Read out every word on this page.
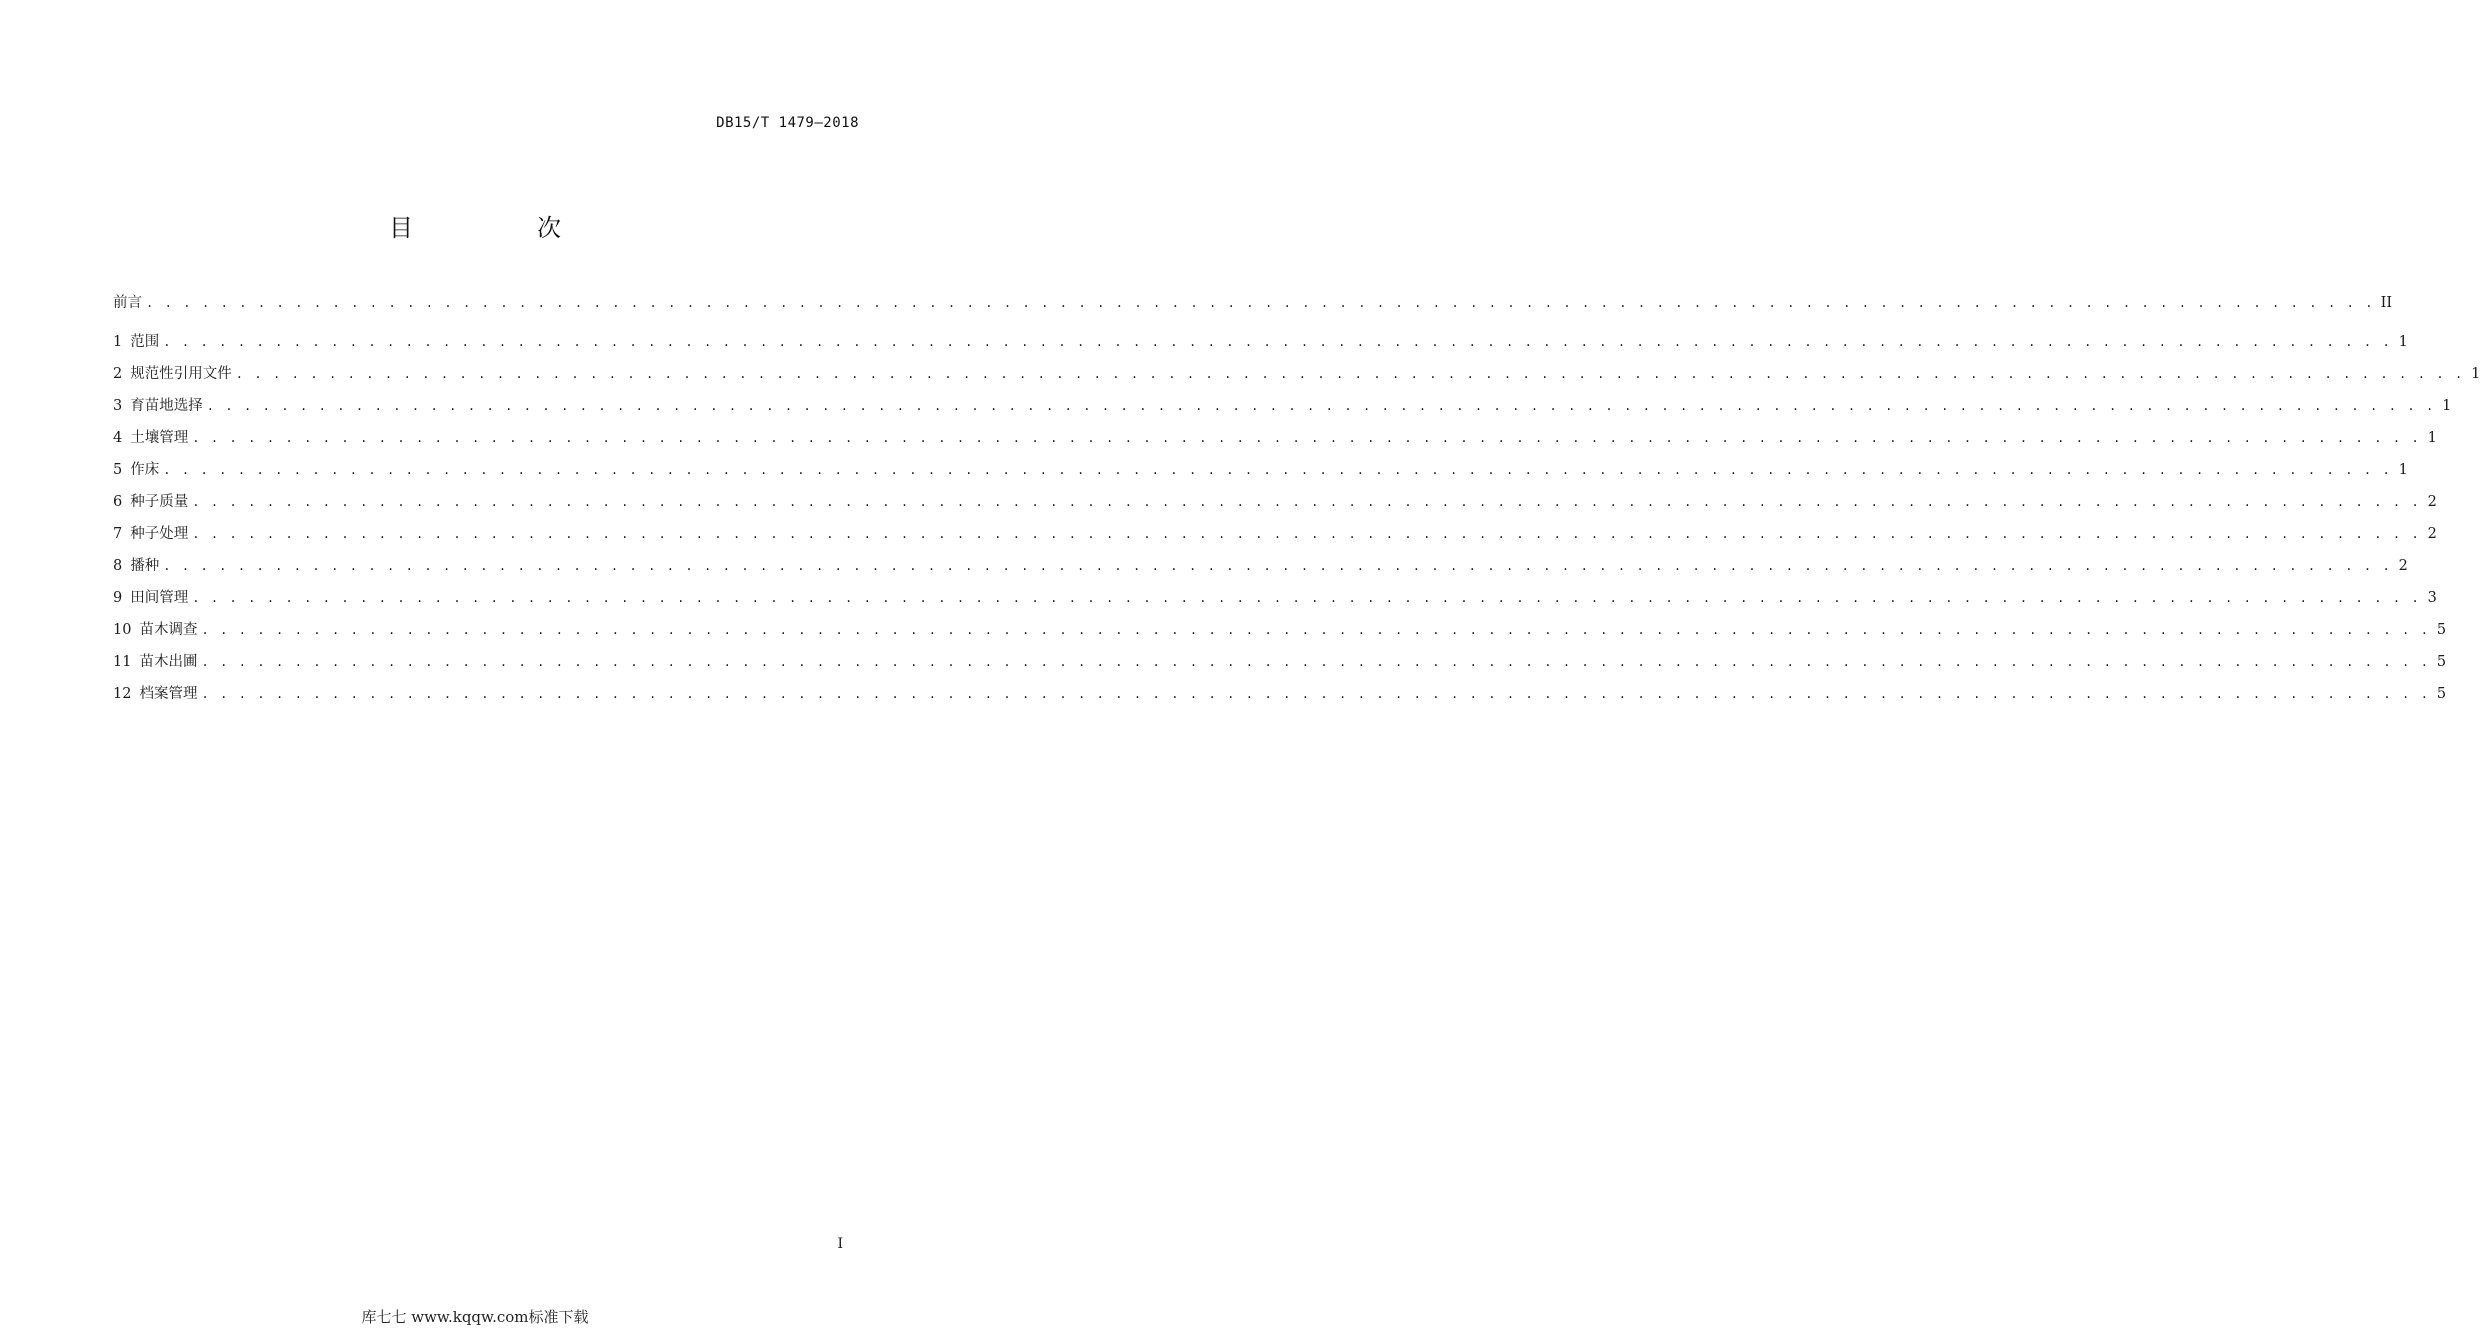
DB15/T 1479—2018
目　次
前言 . . . . . . . . . . . . . . . . . . . . . . . . . . . . . . . . . . . . . . . . . . . . . . . . . . . . . . . . . . . . . . . . . . . . . . . . . . . . . . . . . . . . . . . . . . . . . . . . . . . . . . . . . . . . . . . . . . . . . . . . II
1 范围 . . . . . . . . . . . . . . . . . . . . . . . . . . . . . . . . . . . . . . . . . . . . . . . . . . . . . . . . . . . . . . . . . . . . . . . . . . . . . . . . . . . . . . . . . . . . . . . . . . . . . . . . . . . . . . . . . . . . . . . . 1
2 规范性引用文件 . . . . . . . . . . . . . . . . . . . . . . . . . . . . . . . . . . . . . . . . . . . . . . . . . . . . . . . . . . . . . . . . . . . . . . . . . . . . . . . . . . . . . . . . . . . . . . . . . . . . . . . . . . . . . . . . . . . . . . . . 1
3 育苗地选择 . . . . . . . . . . . . . . . . . . . . . . . . . . . . . . . . . . . . . . . . . . . . . . . . . . . . . . . . . . . . . . . . . . . . . . . . . . . . . . . . . . . . . . . . . . . . . . . . . . . . . . . . . . . . . . . . . . . . . . . . 1
4 土壤管理 . . . . . . . . . . . . . . . . . . . . . . . . . . . . . . . . . . . . . . . . . . . . . . . . . . . . . . . . . . . . . . . . . . . . . . . . . . . . . . . . . . . . . . . . . . . . . . . . . . . . . . . . . . . . . . . . . . . . . . . . 1
5 作床 . . . . . . . . . . . . . . . . . . . . . . . . . . . . . . . . . . . . . . . . . . . . . . . . . . . . . . . . . . . . . . . . . . . . . . . . . . . . . . . . . . . . . . . . . . . . . . . . . . . . . . . . . . . . . . . . . . . . . . . . 1
6 种子质量 . . . . . . . . . . . . . . . . . . . . . . . . . . . . . . . . . . . . . . . . . . . . . . . . . . . . . . . . . . . . . . . . . . . . . . . . . . . . . . . . . . . . . . . . . . . . . . . . . . . . . . . . . . . . . . . . . . . . . . . . 2
7 种子处理 . . . . . . . . . . . . . . . . . . . . . . . . . . . . . . . . . . . . . . . . . . . . . . . . . . . . . . . . . . . . . . . . . . . . . . . . . . . . . . . . . . . . . . . . . . . . . . . . . . . . . . . . . . . . . . . . . . . . . . . . 2
8 播种 . . . . . . . . . . . . . . . . . . . . . . . . . . . . . . . . . . . . . . . . . . . . . . . . . . . . . . . . . . . . . . . . . . . . . . . . . . . . . . . . . . . . . . . . . . . . . . . . . . . . . . . . . . . . . . . . . . . . . . . . 2
9 田间管理 . . . . . . . . . . . . . . . . . . . . . . . . . . . . . . . . . . . . . . . . . . . . . . . . . . . . . . . . . . . . . . . . . . . . . . . . . . . . . . . . . . . . . . . . . . . . . . . . . . . . . . . . . . . . . . . . . . . . . . . . 3
10 苗木调查 . . . . . . . . . . . . . . . . . . . . . . . . . . . . . . . . . . . . . . . . . . . . . . . . . . . . . . . . . . . . . . . . . . . . . . . . . . . . . . . . . . . . . . . . . . . . . . . . . . . . . . . . . . . . . . . . . . . . . . . . 5
11 苗木出圃 . . . . . . . . . . . . . . . . . . . . . . . . . . . . . . . . . . . . . . . . . . . . . . . . . . . . . . . . . . . . . . . . . . . . . . . . . . . . . . . . . . . . . . . . . . . . . . . . . . . . . . . . . . . . . . . . . . . . . . . . 5
12 档案管理 . . . . . . . . . . . . . . . . . . . . . . . . . . . . . . . . . . . . . . . . . . . . . . . . . . . . . . . . . . . . . . . . . . . . . . . . . . . . . . . . . . . . . . . . . . . . . . . . . . . . . . . . . . . . . . . . . . . . . . . . 5
I
库七七 www.kqqw.com标准下载
